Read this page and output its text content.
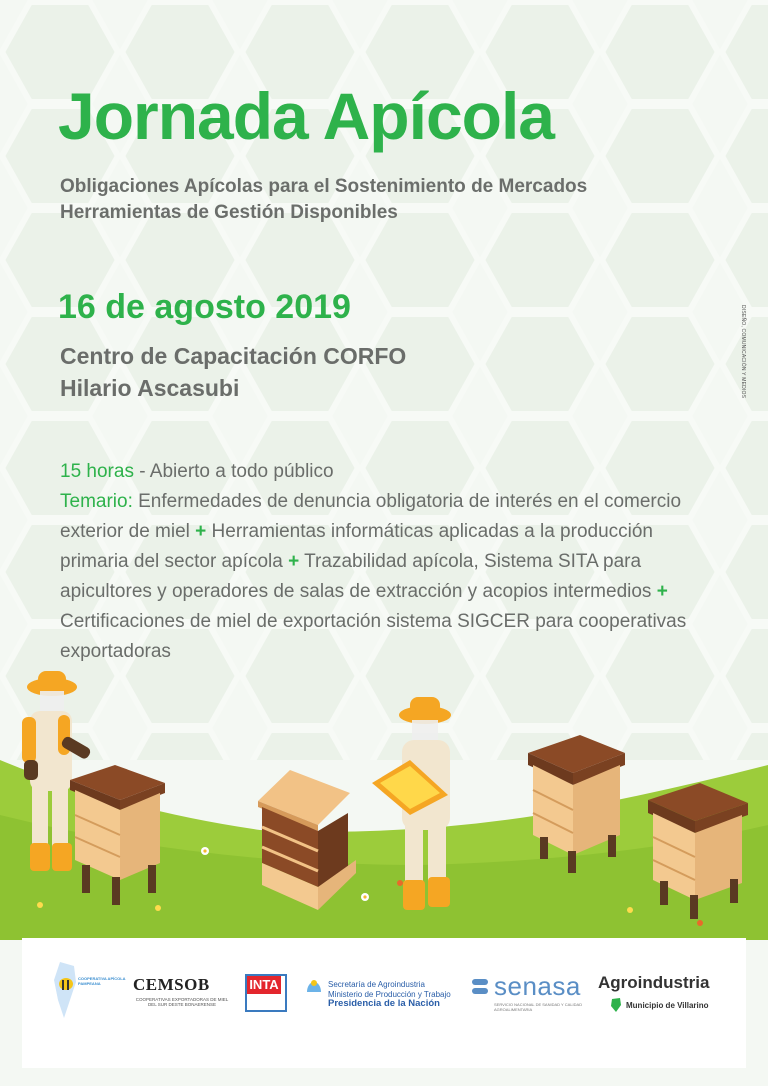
Jornada Apícola
Obligaciones Apícolas para el Sostenimiento de Mercados
Herramientas de Gestión Disponibles
16 de agosto 2019
Centro de Capacitación CORFO
Hilario Ascasubi	DISEÑO, COMUNICACIÓN Y MEDIOS
15 horas - Abierto a todo público
Temario: Enfermedades de denuncia obligatoria de interés en el comercio exterior de miel + Herramientas informáticas aplicadas a la producción primaria del sector apícola + Trazabilidad apícola, Sistema SITA para apicultores y operadores de salas de extracción y acopios intermedios + Certificaciones de miel de exportación sistema SIGCER para cooperativas exportadoras
COOPERATIVA APÍCOLA PAMPEANA	CEMSOB
COOPERATIVAS EXPORTADORAS DE MIEL DEL SUR DESTE BONAERENSE
INTA	Secretaría de Agroindustria
Ministerio de Producción y Trabajo
Presidencia de la Nación
senasa
SERVICIO NACIONAL DE SANIDAD Y CALIDAD AGROALIMENTARIA
Agroindustria
Municipio de Villarino
